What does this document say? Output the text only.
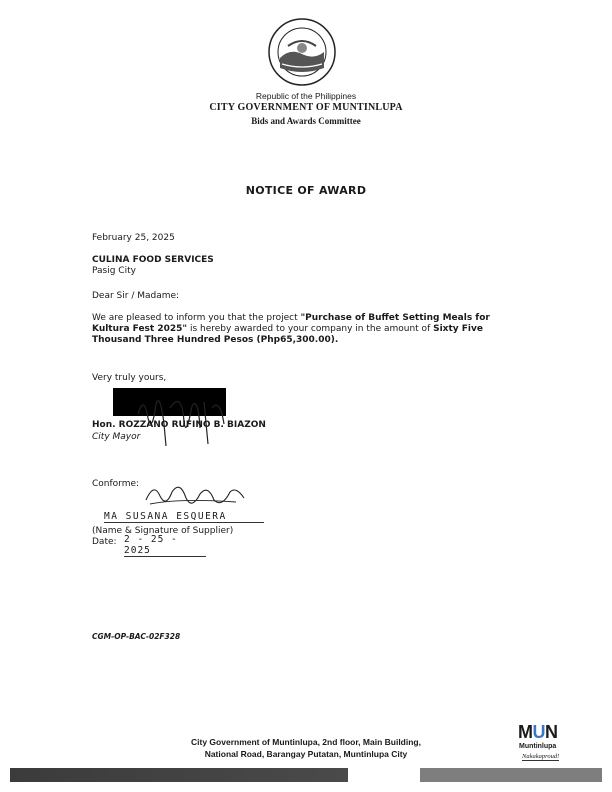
Republic of the Philippines
CITY GOVERNMENT OF MUNTINLUPA
Bids and Awards Committee
NOTICE OF AWARD
February 25, 2025
CULINA FOOD SERVICES
Pasig City
Dear Sir / Madame:
We are pleased to inform you that the project "Purchase of Buffet Setting Meals for Kultura Fest 2025" is hereby awarded to your company in the amount of Sixty Five Thousand Three Hundred Pesos (Php65,300.00).
Very truly yours,
Hon. ROZZANO RUFINO B. BIAZON
City Mayor
Conforme:
MA SUSANA ESQUERA
(Name & Signature of Supplier)
Date: 2 - 25 - 2025
CGM-OP-BAC-02F328
City Government of Muntinlupa, 2nd floor, Main Building,
National Road, Barangay Putatan, Muntinlupa City
MUN
Muntinlupa
Nakakaproud!
